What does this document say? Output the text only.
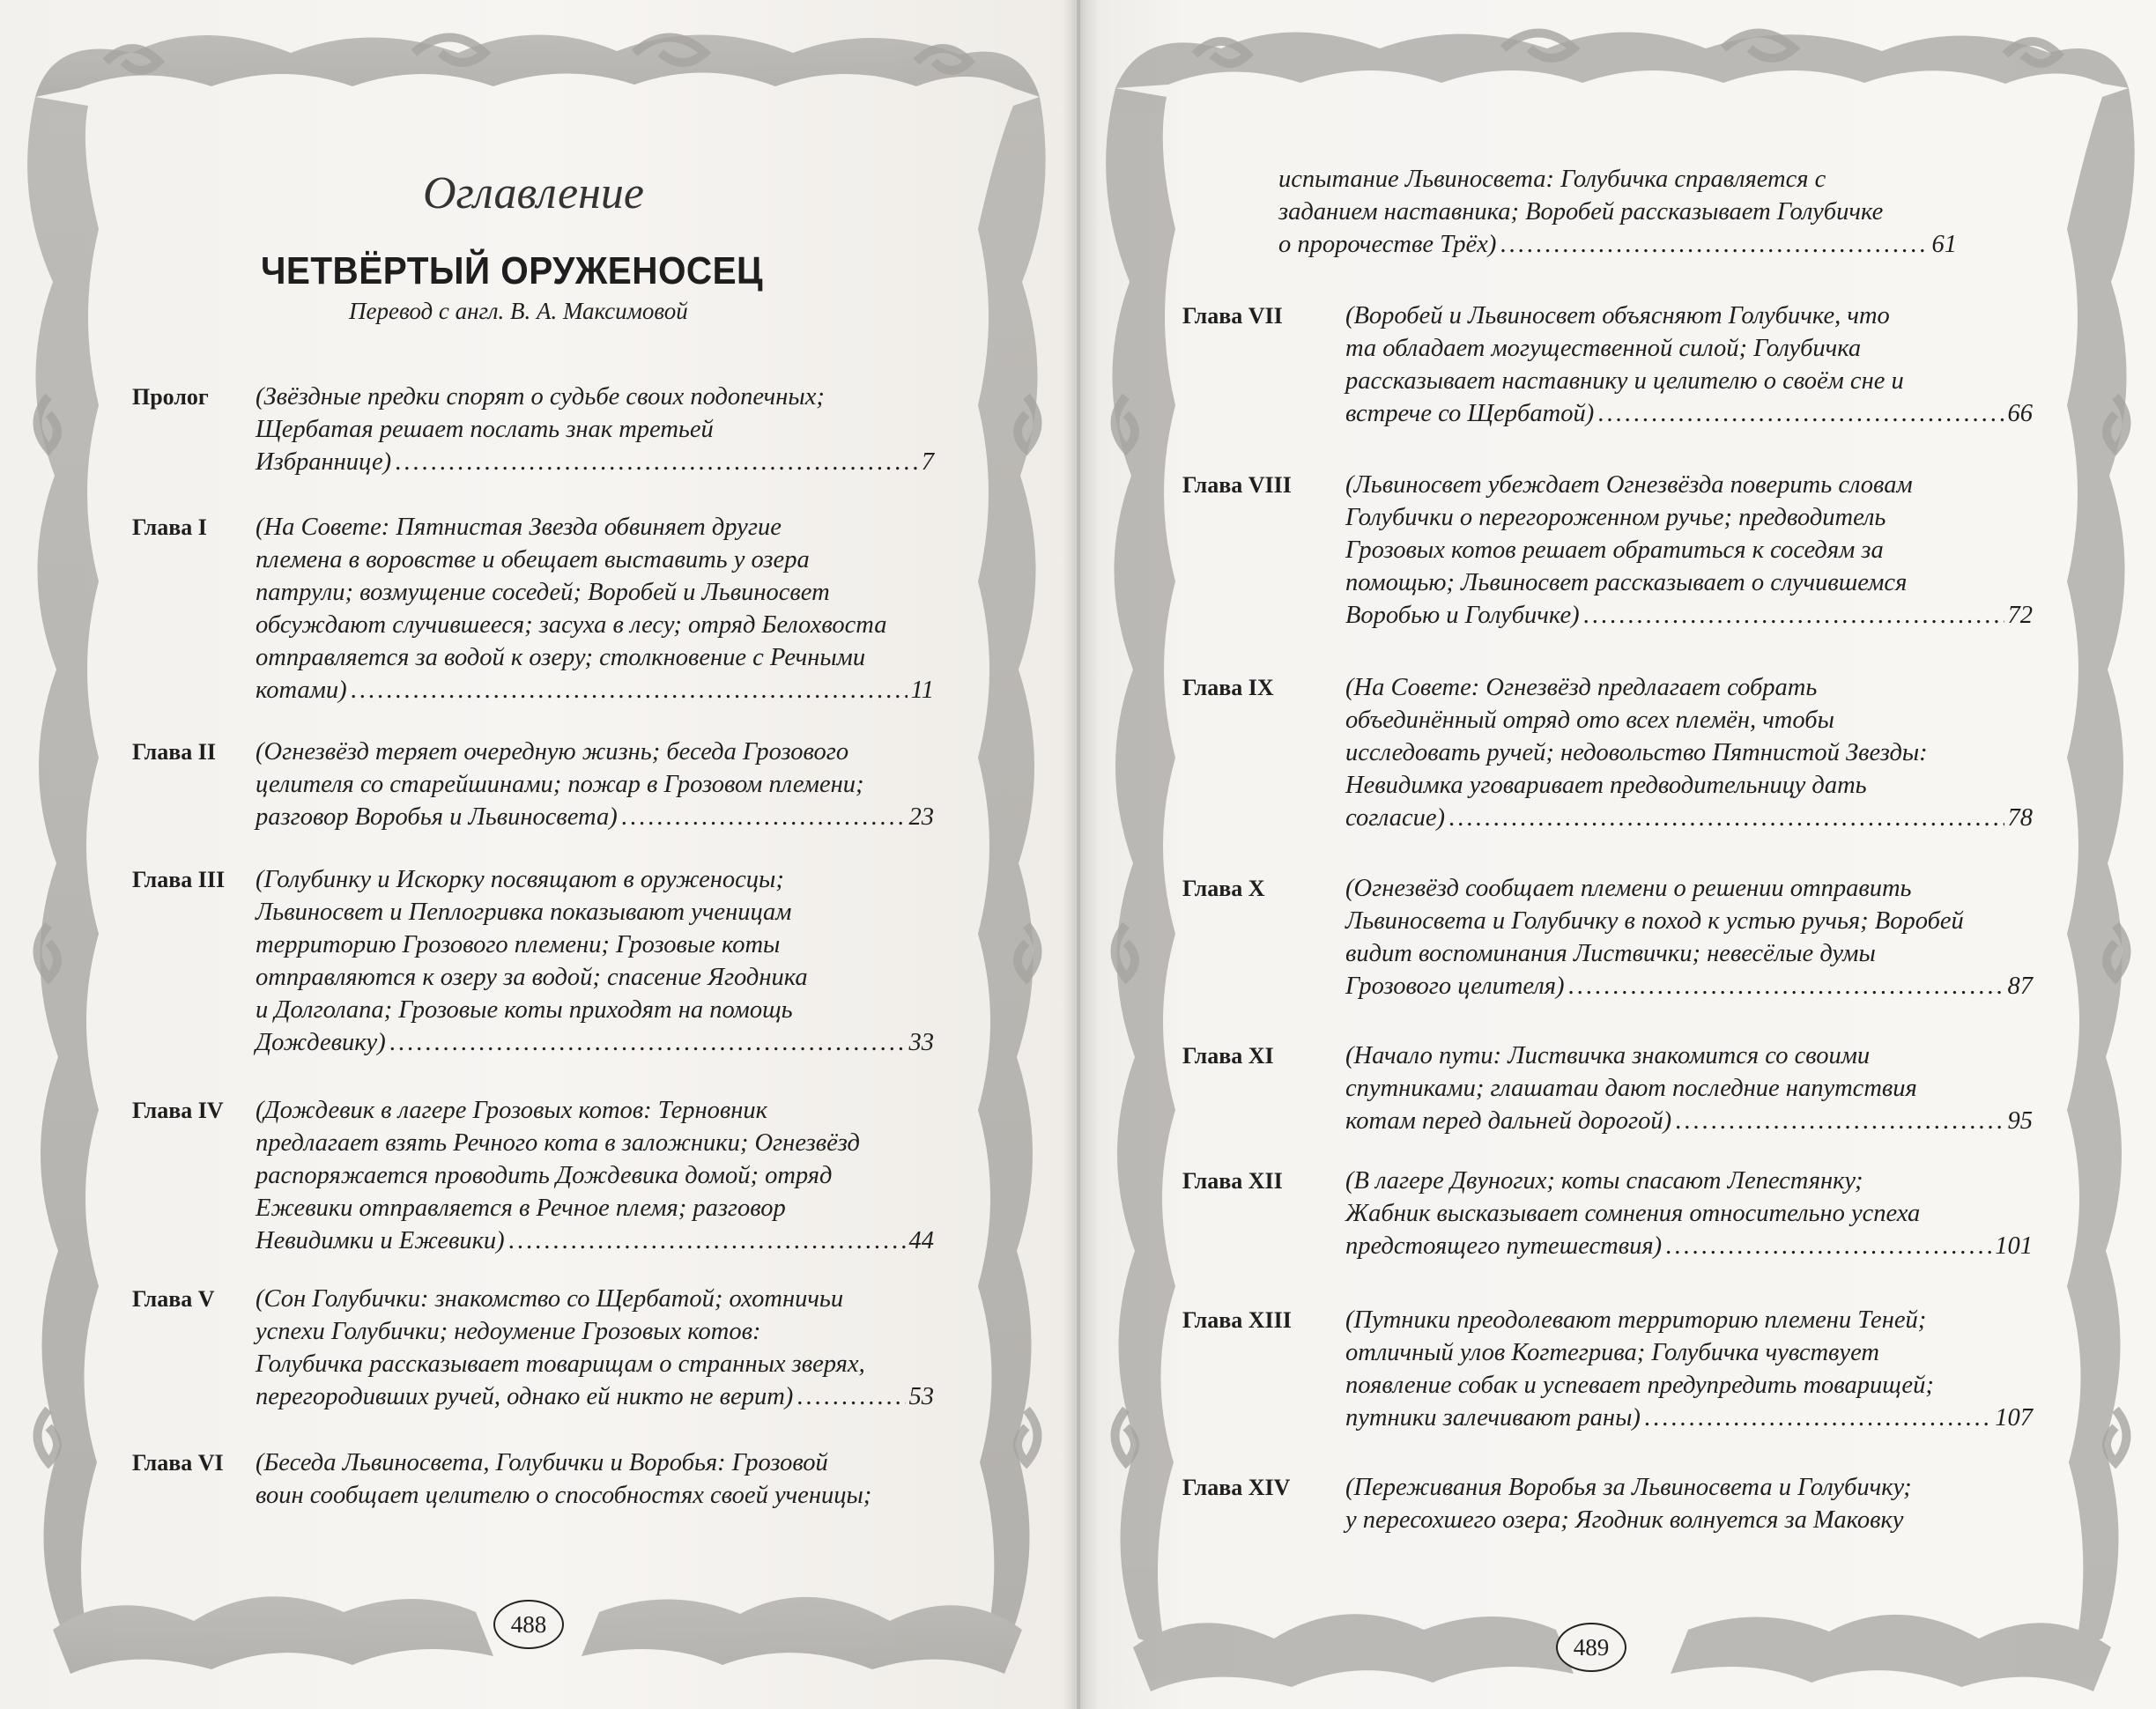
Оглавление
ЧЕТВЁРТЫЙ ОРУЖЕНОСЕЦ
Перевод с англ. В. А. Максимовой
Пролог (Звёздные предки спорят о судьбе своих подопечных;
Щербатая решает послать знак третьей
Избраннице) .....	7
Глава I (На Совете: Пятнистая Звезда обвиняет другие
племена в воровстве и обещает выставить у озера
патрули; возмущение соседей; Воробей и Львиносвет
обсуждают случившееся; засуха в лесу; отряд Белохвоста
отправляется за водой к озеру; столкновение с Речными
котами) .....	11
Глава II (Огнезвёзд теряет очередную жизнь; беседа Грозового
целителя со старейшинами; пожар в Грозовом племени;
разговор Воробья и Львиносвета) .....	23
Глава III (Голубинку и Искорку посвящают в оруженосцы;
Львиносвет и Пеплогривка показывают ученицам
территорию Грозового племени; Грозовые коты
отправляются к озеру за водой; спасение Ягодника
и Долголапа; Грозовые коты приходят на помощь
Дождевику) .....	33
Глава IV (Дождевик в лагере Грозовых котов: Терновник
предлагает взять Речного кота в заложники; Огнезвёзд
распоряжается проводить Дождевика домой; отряд
Ежевики отправляется в Речное племя; разговор
Невидимки и Ежевики) .....	44
Глава V (Сон Голубички: знакомство со Щербатой; охотничьи
успехи Голубички; недоумение Грозовых котов:
Голубичка рассказывает товарищам о странных зверях,
перегородивших ручей, однако ей никто не верит) .....	53
Глава VI (Беседа Львиносвета, Голубички и Воробья: Грозовой
воин сообщает целителю о способностях своей ученицы;
488
испытание Львиносвета: Голубичка справляется с
заданием наставника; Воробей рассказывает Голубичке
о пророчестве Трёх) .....	61
Глава VII	(Воробей и Львиносвет объясняют Голубичке, что
та обладает могущественной силой; Голубичка
рассказывает наставнику и целителю о своём сне и
встрече со Щербатой) .....	66
Глава VIII (Львиносвет убеждает Огнезвёзда поверить словам
Голубички о перегороженном ручье; предводитель
Грозовых котов решает обратиться к соседям за
помощью; Львиносвет рассказывает о случившемся
Воробью и Голубичке) .....	72
Глава IX	(На Совете: Огнезвёзд предлагает собрать
объединённый отряд ото всех племён, чтобы
исследовать ручей; недовольство Пятнистой Звезды:
Невидимка уговаривает предводительницу дать
согласие) .....	78
Глава X	(Огнезвёзд сообщает племени о решении отправить
Львиносвета и Голубичку в поход к устью ручья; Воробей
видит воспоминания Листвички; невесёлые думы
Грозового целителя) .....	87
Глава XI	(Начало пути: Листвичка знакомится со своими
спутниками; глашатаи дают последние напутствия
котам перед дальней дорогой) .....	95
Глава XII	(В лагере Двуногих; коты спасают Лепестянку;
Жабник высказывает сомнения относительно успеха
предстоящего путешествия) .....	101
Глава XIII (Путники преодолевают территорию племени Теней;
отличный улов Когтегрива; Голубичка чувствует
появление собак и успевает предупредить товарищей;
путники залечивают раны) .....	107
Глава XIV (Переживания Воробья за Львиносвета и Голубичку;
у пересохшего озера; Ягодник волнуется за Маковку
489
